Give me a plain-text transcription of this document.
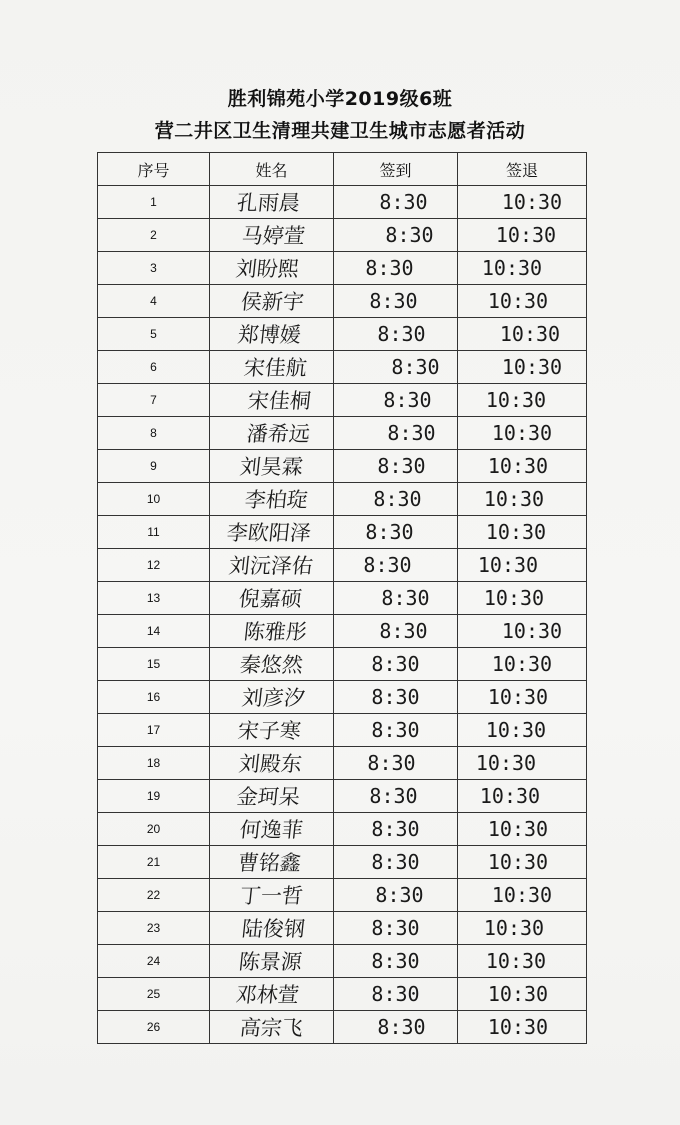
胜利锦苑小学2019级6班
营二井区卫生清理共建卫生城市志愿者活动
序号	姓名	签到	签退
1	孔雨晨	8:30	10:30
2	马婷萱	8:30	10:30
3	刘盼熙	8:30	10:30
4	侯新宇	8:30	10:30
5	郑博媛	8:30	10:30
6	宋佳航	8:30	10:30
7	宋佳桐	8:30	10:30
8	潘希远	8:30	10:30
9	刘昊霖	8:30	10:30
10	李柏琁	8:30	10:30
11	李欧阳泽	8:30	10:30
12	刘沅泽佑	8:30	10:30
13	倪嘉硕	8:30	10:30
14	陈雅彤	8:30	10:30
15	秦悠然	8:30	10:30
16	刘彦汐	8:30	10:30
17	宋子寒	8:30	10:30
18	刘殿东	8:30	10:30
19	金珂呆	8:30	10:30
20	何逸菲	8:30	10:30
21	曹铭鑫	8:30	10:30
22	丁一哲	8:30	10:30
23	陆俊钢	8:30	10:30
24	陈景源	8:30	10:30
25	邓林萱	8:30	10:30
26	高宗飞	8:30	10:30
